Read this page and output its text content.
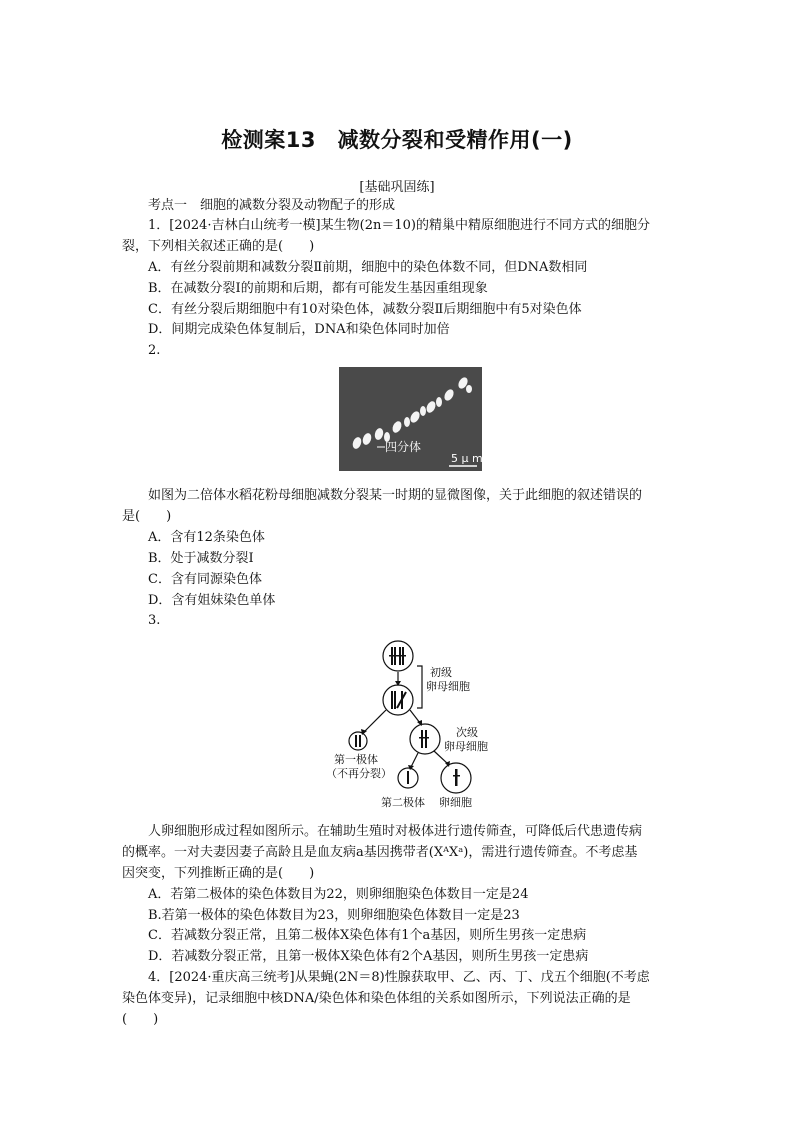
检测案13　减数分裂和受精作用(一)
[基础巩固练]
考点一　细胞的减数分裂及动物配子的形成
1．[2024·吉林白山统考一模]某生物(2n＝10)的精巢中精原细胞进行不同方式的细胞分
裂，下列相关叙述正确的是(　　)
A．有丝分裂前期和减数分裂Ⅱ前期，细胞中的染色体数不同，但DNA数相同
B．在减数分裂Ⅰ的前期和后期，都有可能发生基因重组现象
C．有丝分裂后期细胞中有10对染色体，减数分裂Ⅱ后期细胞中有5对染色体
D．间期完成染色体复制后，DNA和染色体同时加倍
2.
四分体
5 μ m
如图为二倍体水稻花粉母细胞减数分裂某一时期的显微图像，关于此细胞的叙述错误的
是(　　)
A．含有12条染色体
B．处于减数分裂Ⅰ
C．含有同源染色体
D．含有姐妹染色单体
3.
初级
卵母细胞
次级
卵母细胞
第一极体
（不再分裂）
第二极体 卵细胞
人卵细胞形成过程如图所示。在辅助生殖时对极体进行遗传筛查，可降低后代患遗传病
的概率。一对夫妻因妻子高龄且是血友病a基因携带者(XᴬXᵃ)，需进行遗传筛查。不考虑基
因突变，下列推断正确的是(　　)
A．若第二极体的染色体数目为22，则卵细胞染色体数目一定是24
B.若第一极体的染色体数目为23，则卵细胞染色体数目一定是23
C．若减数分裂正常，且第二极体X染色体有1个a基因，则所生男孩一定患病
D．若减数分裂正常，且第一极体X染色体有2个A基因，则所生男孩一定患病
4．[2024·重庆高三统考]从果蝇(2N＝8)性腺获取甲、乙、丙、丁、戊五个细胞(不考虑
染色体变异)，记录细胞中核DNA/染色体和染色体组的关系如图所示，下列说法正确的是
(　　)
